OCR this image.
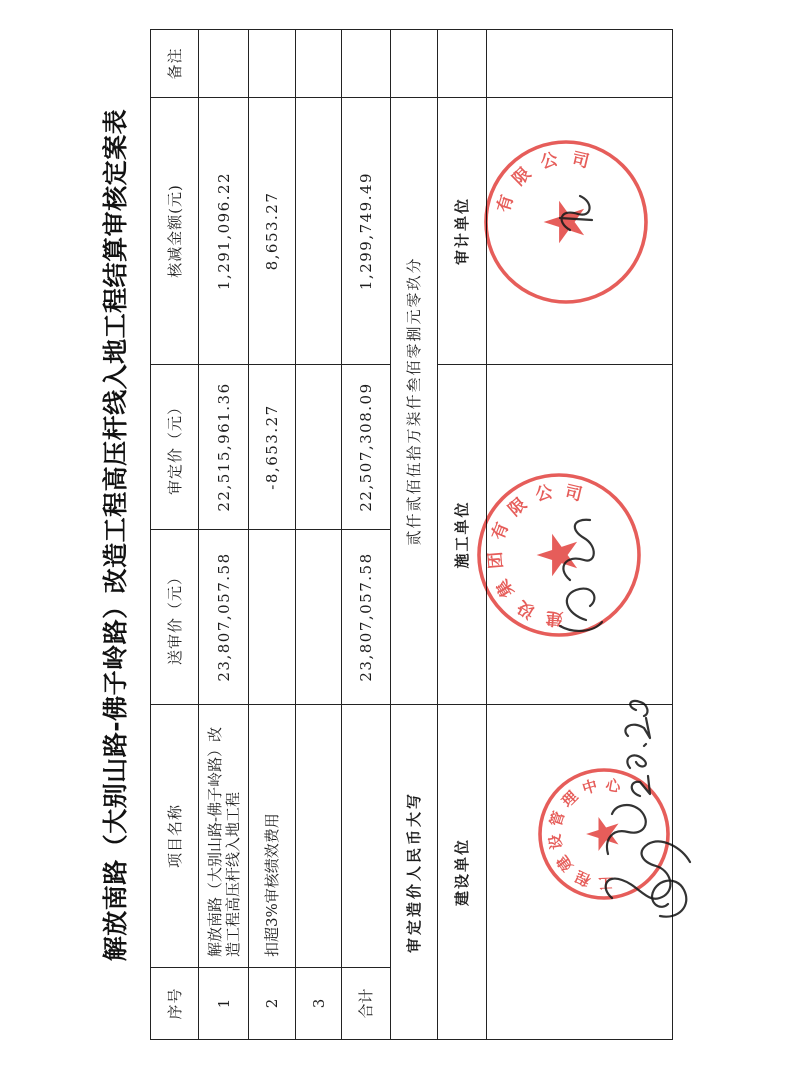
解放南路（大别山路-佛子岭路）改造工程高压杆线入地工程结算审核定案表
序号	项目名称	送审价（元）	审定价（元）	核减金额(元)	备注
1	解放南路（大别山路-佛子岭路）改造工程高压杆线入地工程	23,807,057.58	22,515,961.36	1,291,096.22	
2	扣超3%审核绩效费用		-8,653.27	8,653.27	
3					
合计		23,807,057.58	22,507,308.09	1,299,749.49	
审定造价人民币大写		贰仟贰佰伍拾万柒仟叁佰零捌元零玖分			
建设单位		施工单位		审计单位	

工程建设管理中心
建设集团有限公司
有限公司
